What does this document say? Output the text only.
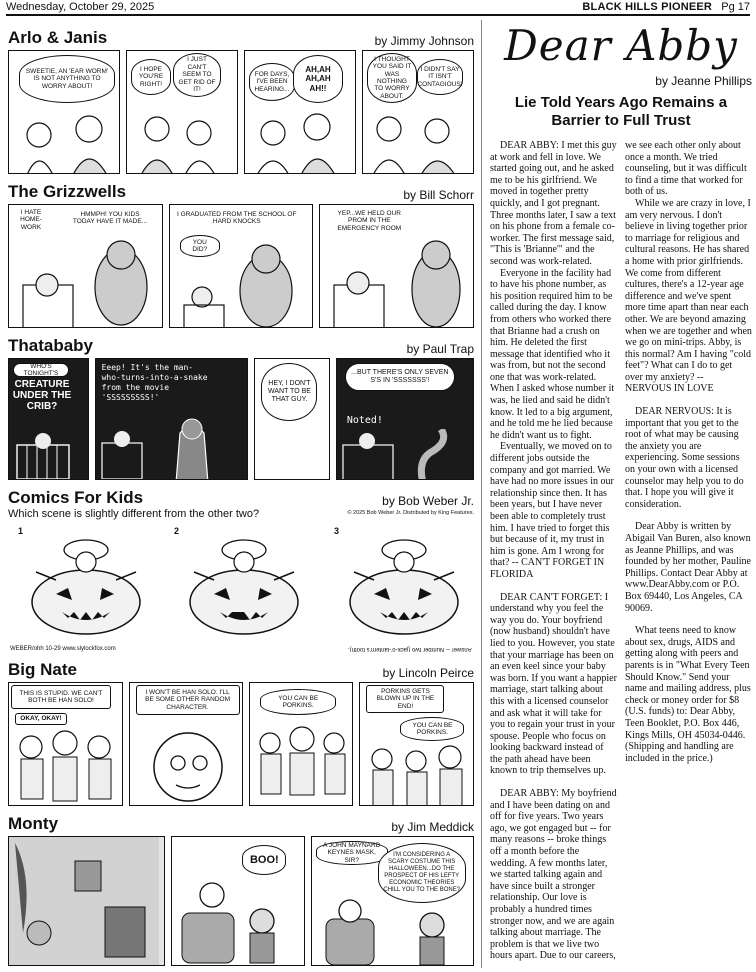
Wednesday, October 29, 2025	BLACK HILLS PIONEER Pg 17
Arlo & Janis	by Jimmy Johnson
SWEETIE, AN 'EAR WORM' IS NOT ANYTHING TO WORRY ABOUT!
I HOPE YOU'RE RIGHT!
I JUST CAN'T SEEM TO GET RID OF IT!
FOR DAYS, I'VE BEEN HEARING...
AH,AH AH,AH AH!!
I THOUGHT YOU SAID IT WAS NOTHING TO WORRY ABOUT.
I DIDN'T SAY IT ISN'T CONTAGIOUS!
The Grizzwells	by Bill Schorr
I HATE HOME-WORK
HMMPH! YOU KIDS TODAY HAVE IT MADE...
I GRADUATED FROM THE SCHOOL OF HARD KNOCKS
YOU DID?
YEP...WE HELD OUR PROM IN THE EMERGENCY ROOM
Thatababy	by Paul Trap
WHO'S TONIGHT'S
CREATURE UNDER THE CRIB?
Eeep! It's the man-who-turns-into-a-snake from the movie 'SSSSSSSSS!'
HEY, I DON'T WANT TO BE THAT GUY.
...BUT THERE'S ONLY SEVEN S'S IN 'SSSSSSS'!
Noted!
Comics For Kids	by Bob Weber Jr.
Which scene is slightly different from the other two?	© 2025 Bob Weber Jr. Distributed by King Features.
1	2	3
WEBER/ohh 10-29 www.slylockfox.com	Answer -- Number two (jack-o'-lantern's tooth).
Big Nate	by Lincoln Peirce
THIS IS STUPID. WE CAN'T BOTH BE HAN SOLO!
OKAY, OKAY!
I WON'T BE HAN SOLO. I'LL BE SOME OTHER RANDOM CHARACTER.
YOU CAN BE PORKINS.
PORKINS GETS BLOWN UP IN THE END!
YOU CAN BE PORKINS.
Monty	by Jim Meddick
BOO!
A JOHN MAYNARD KEYNES MASK, SIR?
I'M CONSIDERING A SCARY COSTUME THIS HALLOWEEN...DO THE PROSPECT OF HIS LEFTY ECONOMIC THEORIES CHILL YOU TO THE BONE?
Dear Abby
by Jeanne Phillips
Lie Told Years Ago Remains a Barrier to Full Trust

DEAR ABBY: I met this guy at work and fell in love. We started going out, and he asked me to be his girlfriend. We moved in together pretty quickly, and I got pregnant. Three months later, I saw a text on his phone from a female co-worker. The first message said, "This is 'Brianne'" and the second was work-related.

Everyone in the facility had to have his phone number, as his position required him to be called during the day. I know from others who worked there that Brianne had a crush on him. He deleted the first message that identified who it was from, but not the second one that was work-related. When I asked whose number it was, he lied and said he didn't know. It led to a big argument, and he told me he lied because he didn't want us to fight.

Eventually, we moved on to different jobs outside the company and got married. We have had no more issues in our relationship since then. It has been years, but I have never been able to completely trust him. I have tried to forget this but because of it, my trust in him is gone. Am I wrong for that? -- CAN'T FORGET IN FLORIDA

DEAR CAN'T FORGET: I understand why you feel the way you do. Your boyfriend (now husband) shouldn't have lied to you. However, you state that your marriage has been on an even keel since your baby was born. If you want a happier marriage, start talking about this with a licensed counselor and ask what it will take for you to regain your trust in your spouse. People who focus on looking backward instead of the path ahead have been known to trip themselves up.

DEAR ABBY: My boyfriend and I have been dating on and off for five years. Two years ago, we got engaged but -- for many reasons -- broke things off a month before the wedding. A few months later, we started talking again and have since built a stronger relationship. Our love is probably a hundred times stronger now, and we are again talking about marriage. The problem is that we live two hours apart. Due to our careers, we see each other only about once a month. We tried counseling, but it was difficult to find a time that worked for both of us.

While we are crazy in love, I am very nervous. I don't believe in living together prior to marriage for religious and cultural reasons. He has shared a home with prior girlfriends. We come from different cultures, there's a 12-year age difference and we've spent more time apart than near each other. We are beyond amazing when we are together and when we go on mini-trips. Abby, is this normal? Am I having "cold feet"? What can I do to get over my anxiety? -- NERVOUS IN LOVE

DEAR NERVOUS: It is important that you get to the root of what may be causing the anxiety you are experiencing. Some sessions on your own with a licensed counselor may help you to do that. I hope you will give it consideration.

Dear Abby is written by Abigail Van Buren, also known as Jeanne Phillips, and was founded by her mother, Pauline Phillips. Contact Dear Abby at www.DearAbby.com or P.O. Box 69440, Los Angeles, CA 90069.

What teens need to know about sex, drugs, AIDS and getting along with peers and parents is in "What Every Teen Should Know." Send your name and mailing address, plus check or money order for $8 (U.S. funds) to: Dear Abby, Teen Booklet, P.O. Box 446, Kings Mills, OH 45034-0446. (Shipping and handling are included in the price.)
